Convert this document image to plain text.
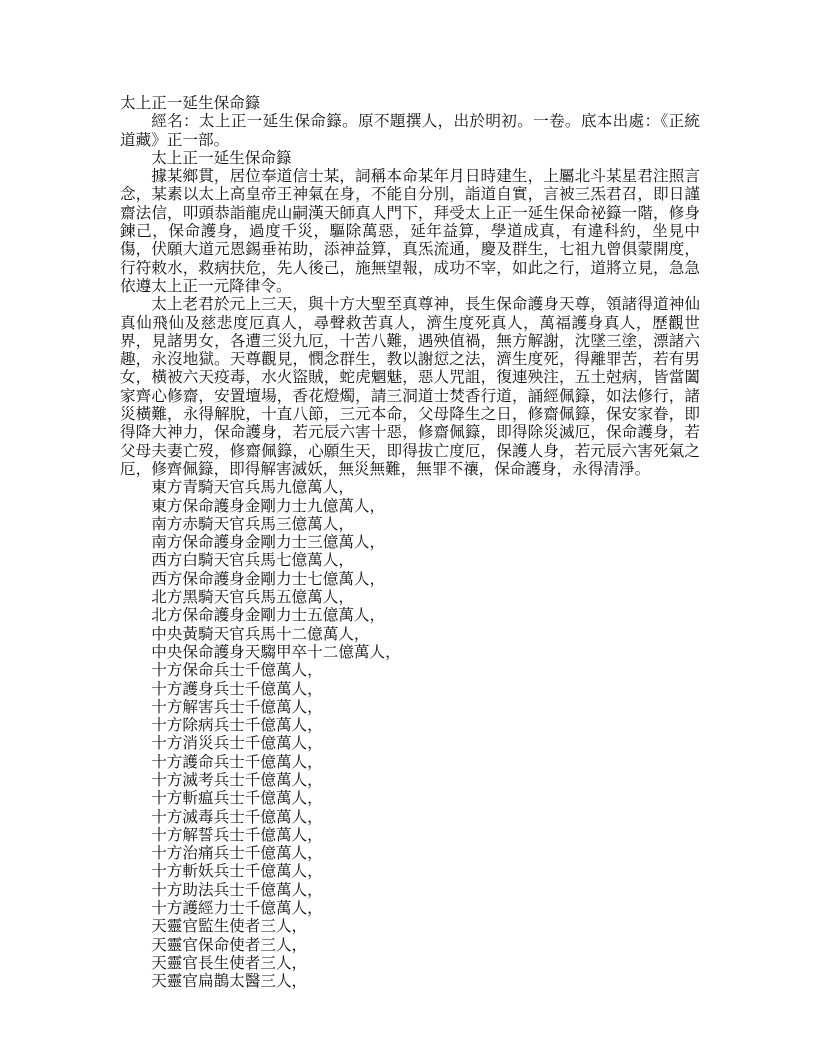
太上正一延生保命籙

經名：太上正一延生保命籙。原不題撰人，出於明初。一卷。底本出處：《正統道藏》正一部。

太上正一延生保命籙

據某鄉貫，居位奉道信士某，詞稱本命某年月日時建生，上屬北斗某星君注照言念，某素以太上高皇帝王神氣在身，不能自分別，詣道自實，言被三炁君召，即日謹齋法信，叩頭恭詣龍虎山嗣漢天師真人門下，拜受太上正一延生保命祕籙一階，修身鍊己，保命護身，過度千災，驅除萬惡，延年益算，學道成真，有違科約，坐見中傷，伏願大道元恩錫垂祐助，添神益算，真炁流通，慶及群生，七祖九曾俱蒙開度，行符敕水，救病扶危，先人後己，施無望報，成功不宰，如此之行，道將立見，急急依遵太上正一元降律令。

太上老君於元上三天，與十方大聖至真尊神，長生保命護身天尊，領諸得道神仙真仙飛仙及慈悲度厄真人，尋聲救苦真人，濟生度死真人，萬福護身真人，歷觀世界，見諸男女，各遭三災九厄，十苦八難，遇殃值禍，無方解謝，沈墜三塗，漂諸六趣，永沒地獄。天尊觀見，憫念群生，教以謝愆之法，濟生度死，得離罪苦，若有男女，橫被六天疫毒，水火盜賊，蛇虎魍魅，惡人咒詛，復連殃注，五土尅病，皆當闔家齊心修齋，安置壇場，香花燈燭，請三洞道士焚香行道，誦經佩籙，如法修行，諸災橫難，永得解脫，十直八節，三元本命，父母降生之日，修齋佩籙，保安家眷，即得降大神力，保命護身，若元辰六害十惡，修齋佩籙，即得除災滅厄，保命護身，若父母夫妻亡歿，修齋佩籙，心願生天，即得拔亡度厄，保護人身，若元辰六害死氣之厄，修齊佩籙，即得解害滅妖，無災無難，無罪不禳，保命護身，永得清淨。

東方青騎天官兵馬九億萬人，

東方保命護身金剛力士九億萬人，

南方赤騎天官兵馬三億萬人，

南方保命護身金剛力士三億萬人，

西方白騎天官兵馬七億萬人，

西方保命護身金剛力士七億萬人，

北方黑騎天官兵馬五億萬人，

北方保命護身金剛力士五億萬人，

中央黃騎天官兵馬十二億萬人，

中央保命護身天騶甲卒十二億萬人，

十方保命兵士千億萬人，

十方護身兵士千億萬人，

十方解害兵士千億萬人，

十方除病兵士千億萬人，

十方消災兵士千億萬人，

十方護命兵士千億萬人，

十方滅考兵士千億萬人，

十方斬瘟兵士千億萬人，

十方滅毒兵士千億萬人，

十方解誓兵士千億萬人，

十方治痛兵士千億萬人，

十方斬妖兵士千億萬人，

十方助法兵士千億萬人，

十方護經力士千億萬人，

天靈官監生使者三人，

天靈官保命使者三人，

天靈官長生使者三人，

天靈官扁鵲太醫三人，
